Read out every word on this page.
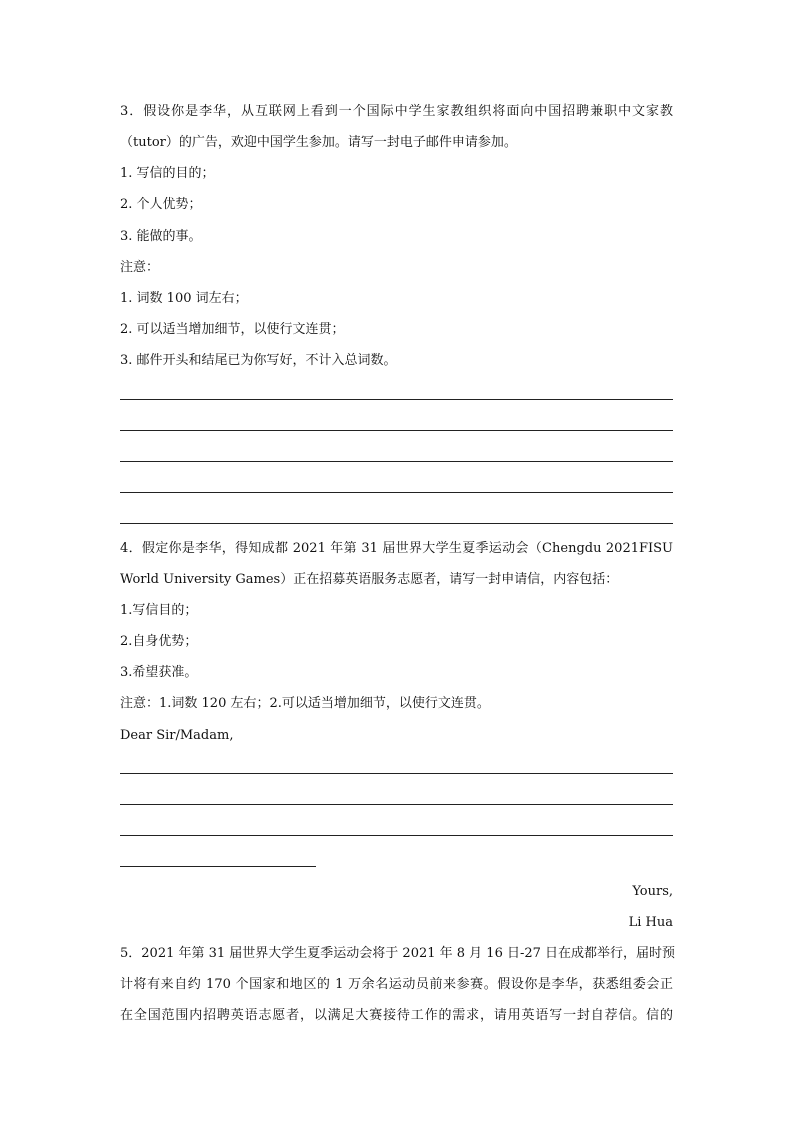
3．假设你是李华，从互联网上看到一个国际中学生家教组织将面向中国招聘兼职中文家教
（tutor）的广告，欢迎中国学生参加。请写一封电子邮件申请参加。
1. 写信的目的；
2. 个人优势；
3. 能做的事。
注意：
1. 词数 100 词左右；
2. 可以适当增加细节，以使行文连贯；
3. 邮件开头和结尾已为你写好，不计入总词数。
4．假定你是李华，得知成都 2021 年第 31 届世界大学生夏季运动会（Chengdu 2021FISU
World University Games）正在招募英语服务志愿者，请写一封申请信，内容包括：
1.写信目的；
2.自身优势；
3.希望获准。
注意：1.词数 120 左右；2.可以适当增加细节，以使行文连贯。
Dear Sir/Madam,
Yours,
Li Hua
5．2021 年第 31 届世界大学生夏季运动会将于 2021 年 8 月 16 日-27 日在成都举行，届时预
计将有来自约 170 个国家和地区的 1 万余名运动员前来参赛。假设你是李华，获悉组委会正
在全国范围内招聘英语志愿者，以满足大赛接待工作的需求，请用英语写一封自荐信。信的
